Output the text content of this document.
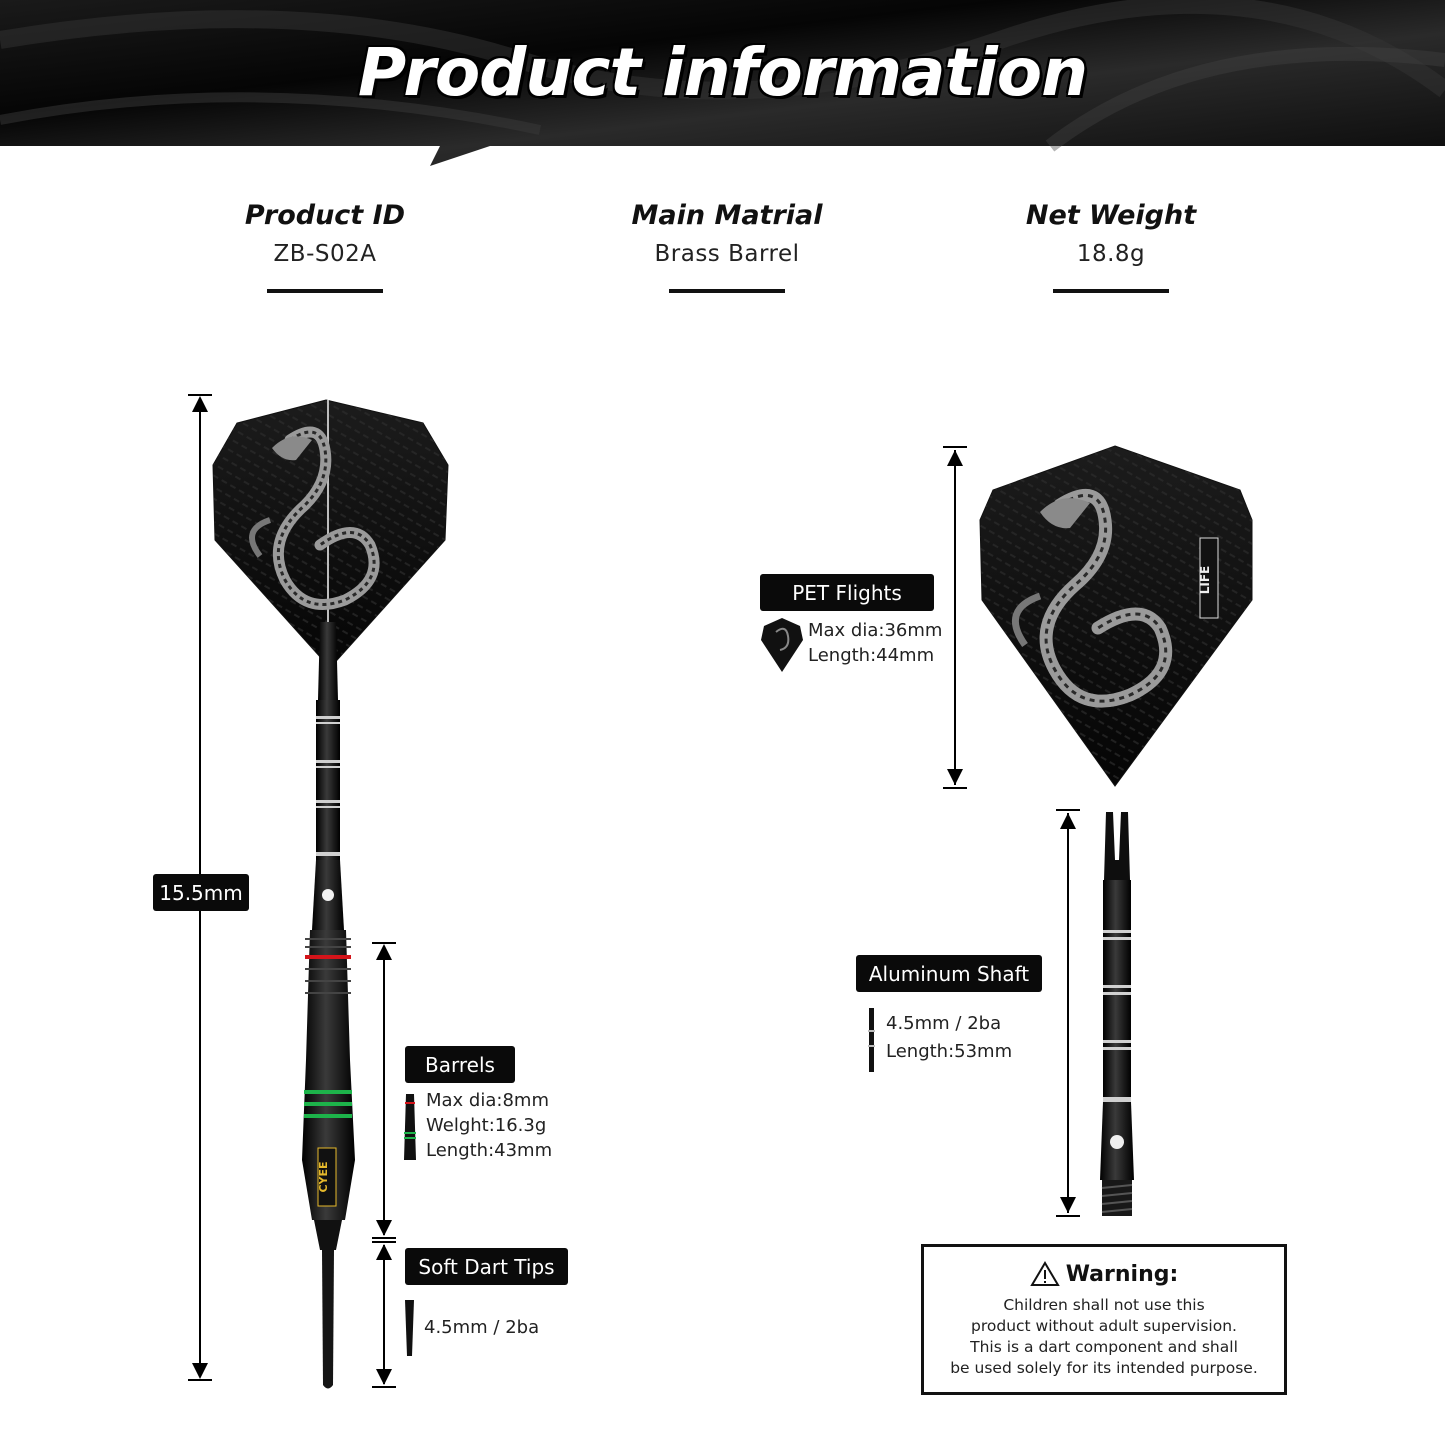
Product information
Product ID
ZB-S02A
Main Matrial
Brass Barrel
Net Weight
18.8g
CYEE
LIFE
15.5mm
PET Flights
Max dia:36mm
Length:44mm
Aluminum Shaft
4.5mm / 2ba
Length:53mm
Barrels
Max dia:8mm
Welght:16.3g
Length:43mm
Soft Dart Tips
4.5mm / 2ba
Warning:
Children shall not use this
product without adult supervision.
This is a dart component and shall
be used solely for its intended purpose.
